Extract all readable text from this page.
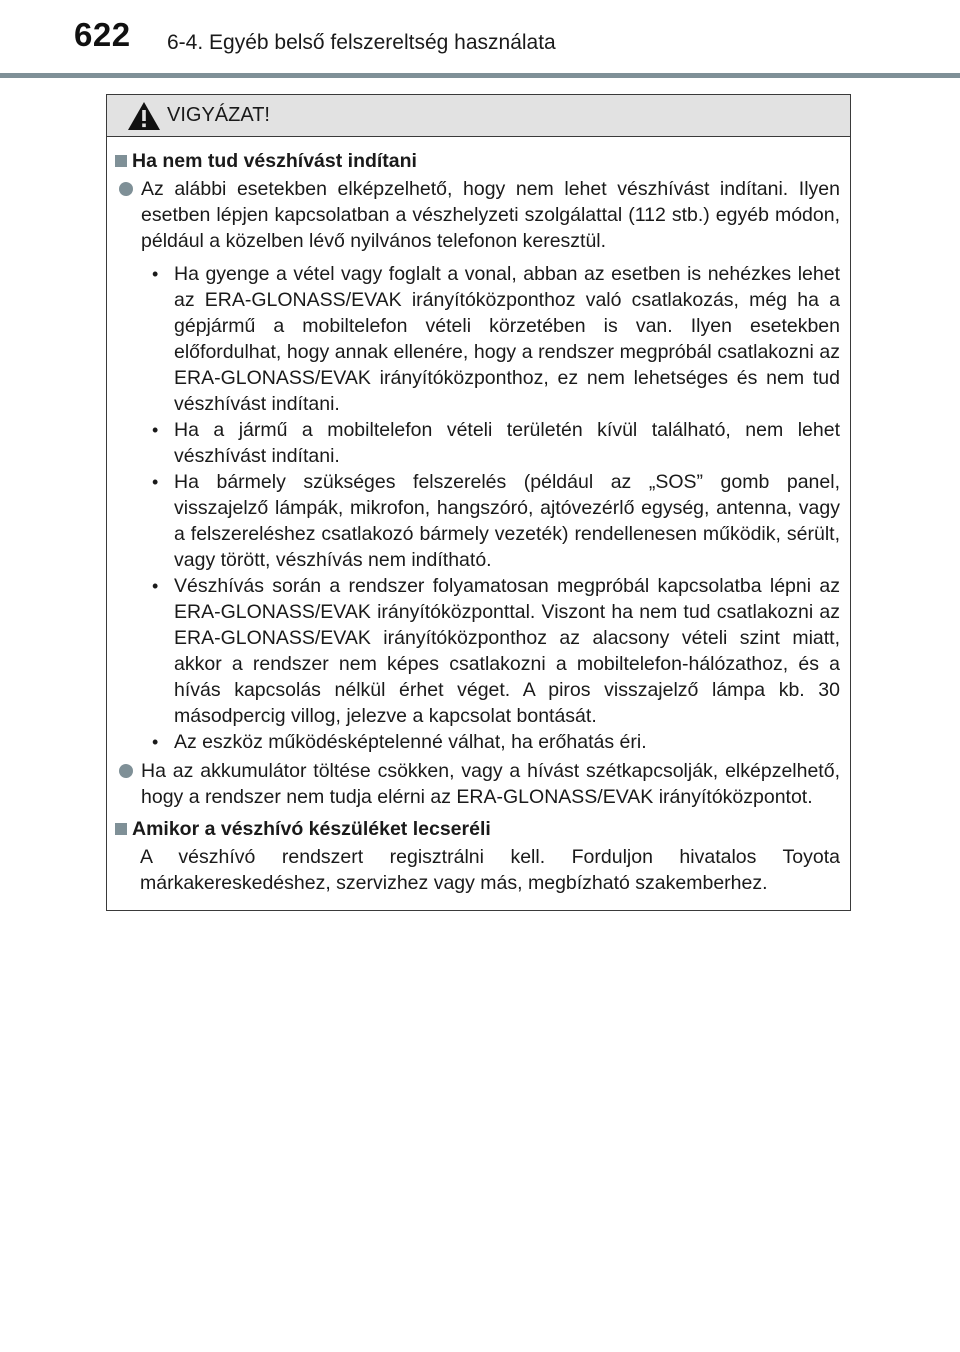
622 6-4. Egyéb belső felszereltség használata
VIGYÁZAT!
Ha nem tud vészhívást indítani
Az alábbi esetekben elképzelhető, hogy nem lehet vészhívást indítani. Ilyen esetben lépjen kapcsolatban a vészhelyzeti szolgálattal (112 stb.) egyéb módon, például a közelben lévő nyilvános telefonon keresztül.
• Ha gyenge a vétel vagy foglalt a vonal, abban az esetben is nehézkes lehet az ERA-GLONASS/EVAK irányítóközponthoz való csatlakozás, még ha a gépjármű a mobiltelefon vételi körzetében is van. Ilyen esetekben előfordulhat, hogy annak ellenére, hogy a rendszer megpróbál csatlakozni az ERA-GLONASS/EVAK irányítóközponthoz, ez nem lehetséges és nem tud vészhívást indítani.
• Ha a jármű a mobiltelefon vételi területén kívül található, nem lehet vészhívást indítani.
• Ha bármely szükséges felszerelés (például az „SOS” gomb panel, visszajelző lámpák, mikrofon, hangszóró, ajtóvezérlő egység, antenna, vagy a felszereléshez csatlakozó bármely vezeték) rendellenesen működik, sérült, vagy törött, vészhívás nem indítható.
• Vészhívás során a rendszer folyamatosan megpróbál kapcsolatba lépni az ERA-GLONASS/EVAK irányítóközponttal. Viszont ha nem tud csatlakozni az ERA-GLONASS/EVAK irányítóközponthoz az alacsony vételi szint miatt, akkor a rendszer nem képes csatlakozni a mobiltelefon-hálózathoz, és a hívás kapcsolás nélkül érhet véget. A piros visszajelző lámpa kb. 30 másodpercig villog, jelezve a kapcsolat bontását.
• Az eszköz működésképtelenné válhat, ha erőhatás éri.
Ha az akkumulátor töltése csökken, vagy a hívást szétkapcsolják, elképzelhető, hogy a rendszer nem tudja elérni az ERA-GLONASS/EVAK irányítóközpontot.
Amikor a vészhívó készüléket lecseréli
A vészhívó rendszert regisztrálni kell. Forduljon hivatalos Toyota márkakereskedéshez, szervizhez vagy más, megbízható szakemberhez.
